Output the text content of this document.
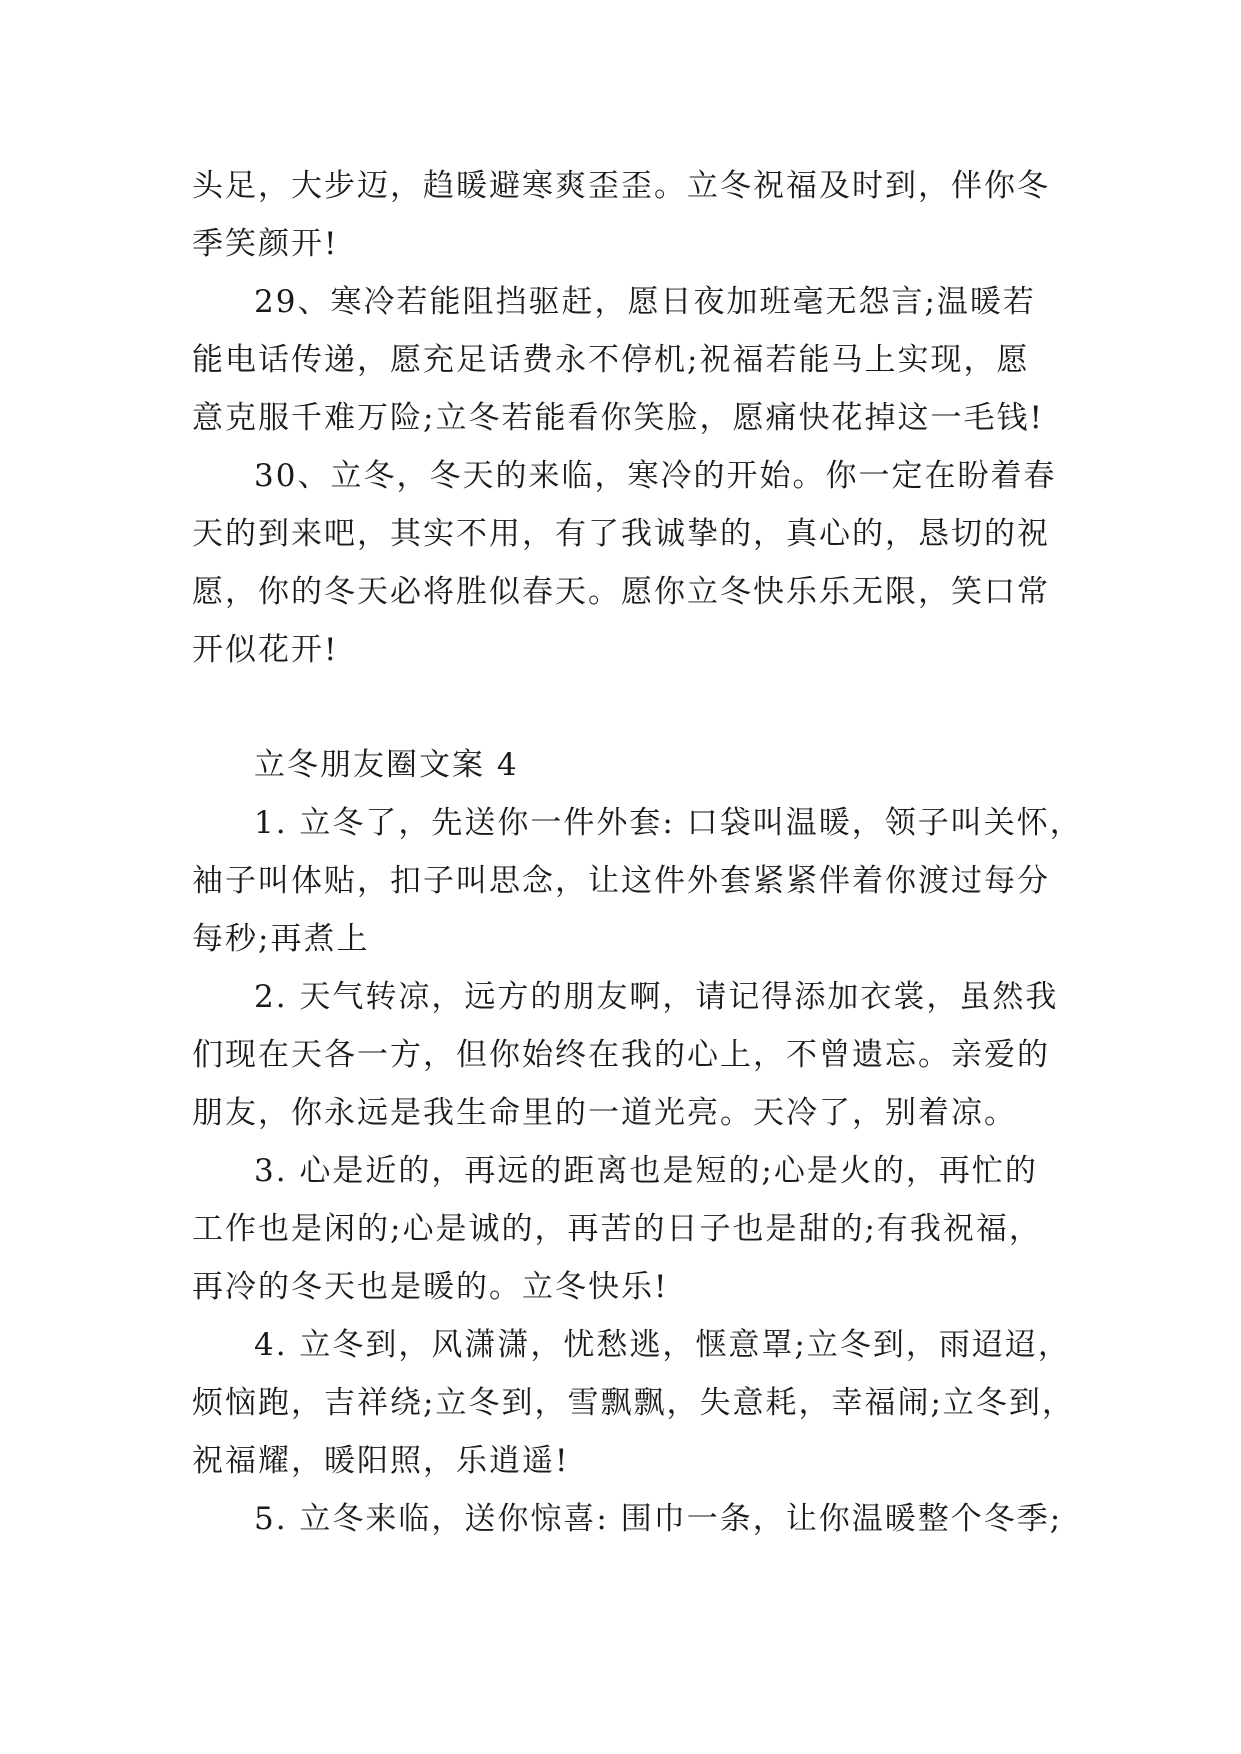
头足，大步迈，趋暖避寒爽歪歪。立冬祝福及时到，伴你冬
季笑颜开!
29、寒冷若能阻挡驱赶，愿日夜加班毫无怨言;温暖若
能电话传递，愿充足话费永不停机;祝福若能马上实现，愿
意克服千难万险;立冬若能看你笑脸，愿痛快花掉这一毛钱!
30、立冬，冬天的来临，寒冷的开始。你一定在盼着春
天的到来吧，其实不用，有了我诚挚的，真心的，恳切的祝
愿，你的冬天必将胜似春天。愿你立冬快乐乐无限，笑口常
开似花开!
立冬朋友圈文案 4
1. 立冬了，先送你一件外套: 口袋叫温暖，领子叫关怀，
袖子叫体贴，扣子叫思念，让这件外套紧紧伴着你渡过每分
每秒;再煮上
2. 天气转凉，远方的朋友啊，请记得添加衣裳，虽然我
们现在天各一方，但你始终在我的心上，不曾遗忘。亲爱的
朋友，你永远是我生命里的一道光亮。天冷了，别着凉。
3. 心是近的，再远的距离也是短的;心是火的，再忙的
工作也是闲的;心是诚的，再苦的日子也是甜的;有我祝福，
再冷的冬天也是暖的。立冬快乐!
4. 立冬到，风潇潇，忧愁逃，惬意罩;立冬到，雨迢迢，
烦恼跑，吉祥绕;立冬到，雪飘飘，失意耗，幸福闹;立冬到，
祝福耀，暖阳照，乐逍遥!
5. 立冬来临，送你惊喜: 围巾一条，让你温暖整个冬季;
